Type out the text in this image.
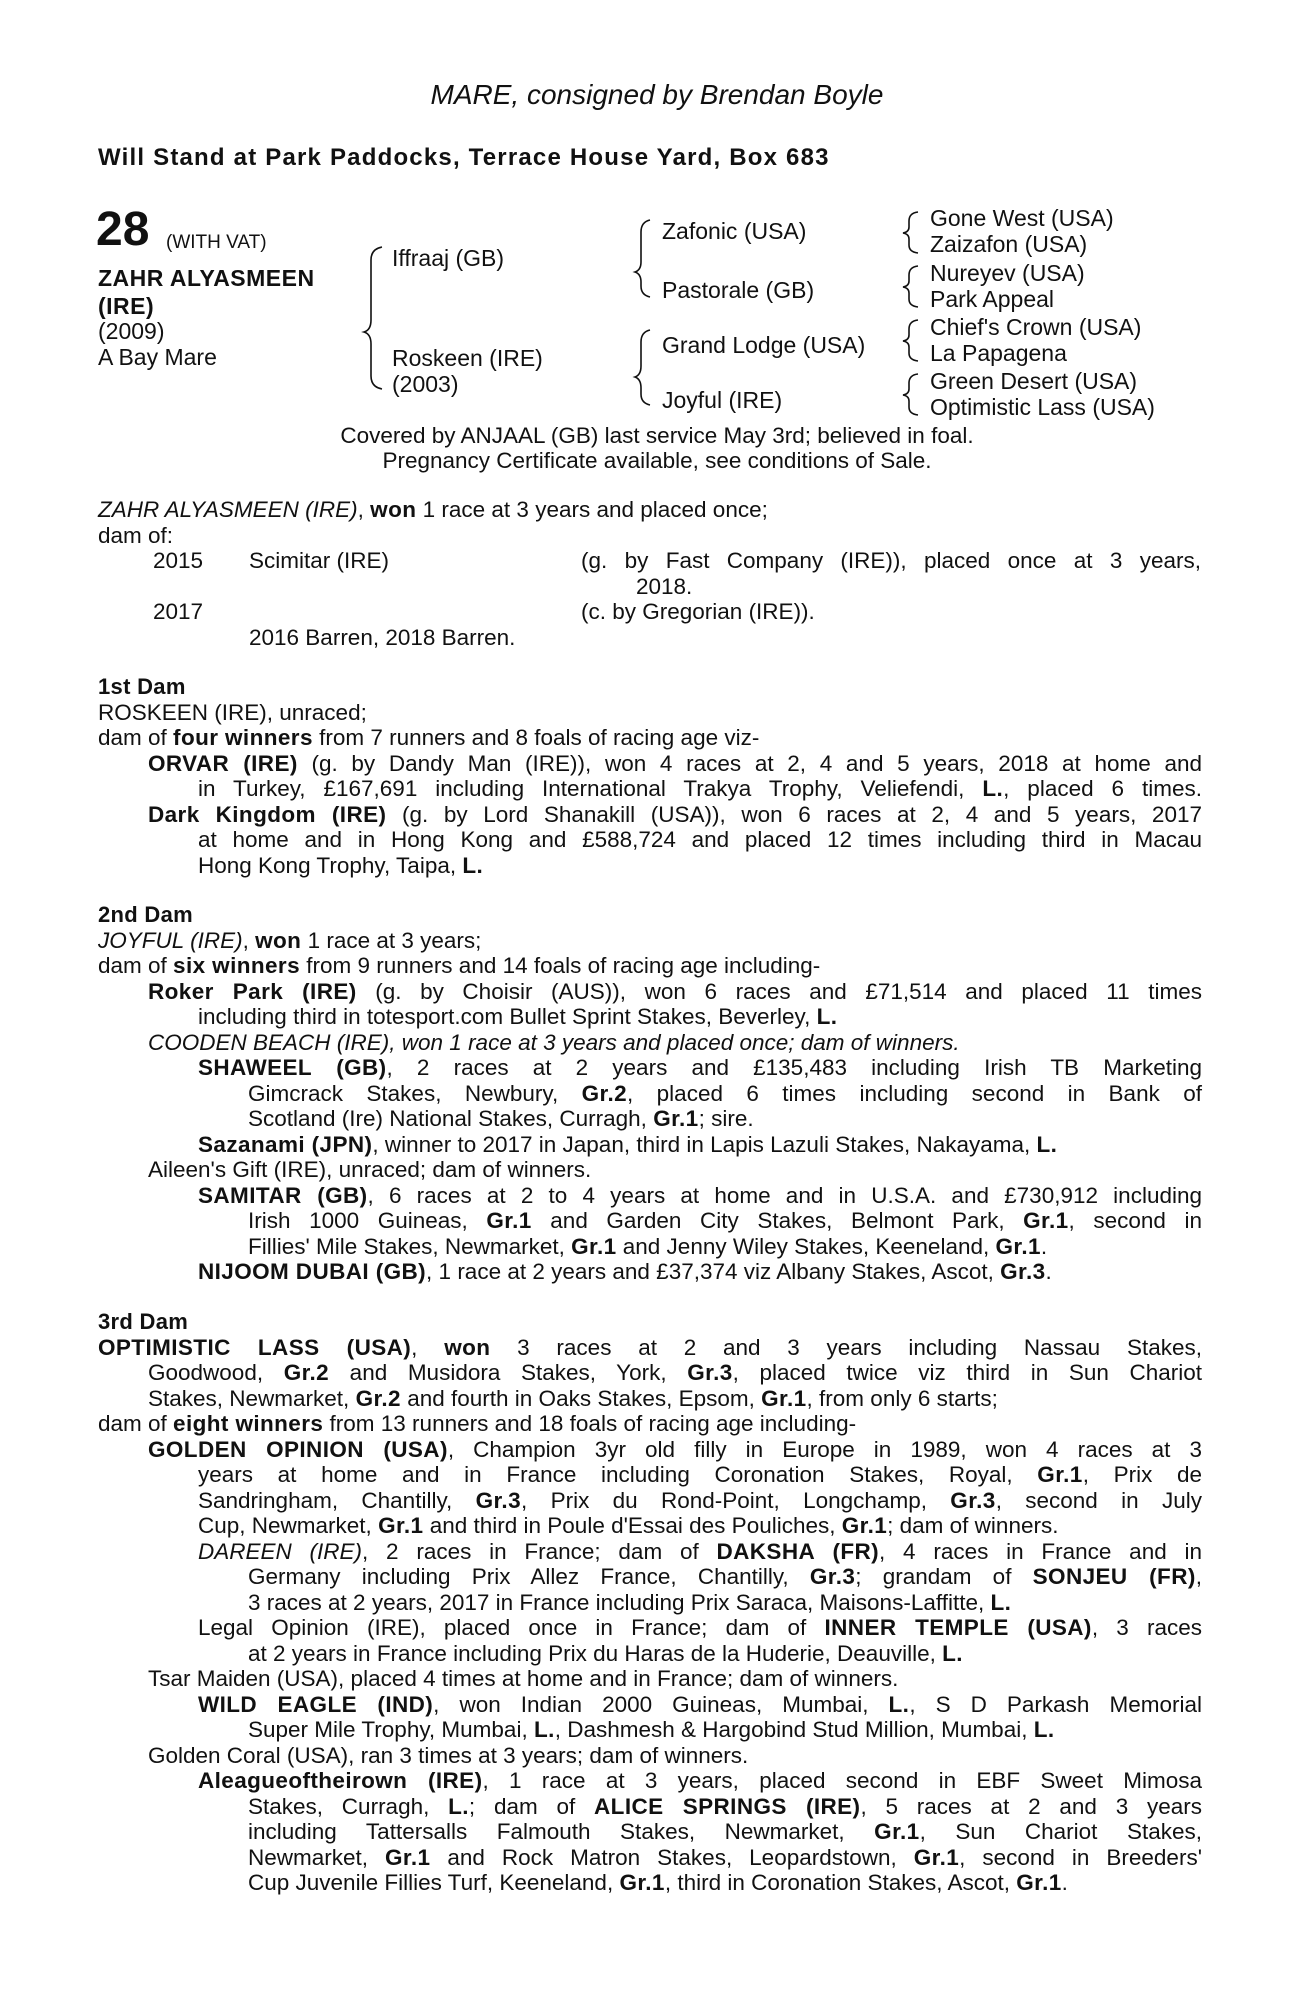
MARE, consigned by Brendan Boyle
Will Stand at Park Paddocks, Terrace House Yard, Box 683
28 (WITH VAT)
ZAHR ALYASMEEN
(IRE)
(2009)
A Bay Mare
Iffraaj (GB)
Roskeen (IRE)
(2003)
Zafonic (USA)
Pastorale (GB)
Grand Lodge (USA)
Joyful (IRE)
Gone West (USA)
Zaizafon (USA)
Nureyev (USA)
Park Appeal
Chief's Crown (USA)
La Papagena
Green Desert (USA)
Optimistic Lass (USA)
Covered by ANJAAL (GB) last service May 3rd; believed in foal.
Pregnancy Certificate available, see conditions of Sale.
ZAHR ALYASMEEN (IRE), won 1 race at 3 years and placed once;
dam of:
2015 Scimitar (IRE)	(g. by Fast Company (IRE)), placed once at 3 years,
2018.
2017	(c. by Gregorian (IRE)).
2016 Barren, 2018 Barren.
1st Dam
ROSKEEN (IRE), unraced;
dam of four winners from 7 runners and 8 foals of racing age viz-
ORVAR (IRE) (g. by Dandy Man (IRE)), won 4 races at 2, 4 and 5 years, 2018 at home and
in Turkey, £167,691 including International Trakya Trophy, Veliefendi, L., placed 6 times.
Dark Kingdom (IRE) (g. by Lord Shanakill (USA)), won 6 races at 2, 4 and 5 years, 2017
at home and in Hong Kong and £588,724 and placed 12 times including third in Macau
Hong Kong Trophy, Taipa, L.
2nd Dam
JOYFUL (IRE), won 1 race at 3 years;
dam of six winners from 9 runners and 14 foals of racing age including-
Roker Park (IRE) (g. by Choisir (AUS)), won 6 races and £71,514 and placed 11 times
including third in totesport.com Bullet Sprint Stakes, Beverley, L.
COODEN BEACH (IRE), won 1 race at 3 years and placed once; dam of winners.
SHAWEEL (GB), 2 races at 2 years and £135,483 including Irish TB Marketing
Gimcrack Stakes, Newbury, Gr.2, placed 6 times including second in Bank of
Scotland (Ire) National Stakes, Curragh, Gr.1; sire.
Sazanami (JPN), winner to 2017 in Japan, third in Lapis Lazuli Stakes, Nakayama, L.
Aileen's Gift (IRE), unraced; dam of winners.
SAMITAR (GB), 6 races at 2 to 4 years at home and in U.S.A. and £730,912 including
Irish 1000 Guineas, Gr.1 and Garden City Stakes, Belmont Park, Gr.1, second in
Fillies' Mile Stakes, Newmarket, Gr.1 and Jenny Wiley Stakes, Keeneland, Gr.1.
NIJOOM DUBAI (GB), 1 race at 2 years and £37,374 viz Albany Stakes, Ascot, Gr.3.
3rd Dam
OPTIMISTIC LASS (USA), won 3 races at 2 and 3 years including Nassau Stakes,
Goodwood, Gr.2 and Musidora Stakes, York, Gr.3, placed twice viz third in Sun Chariot
Stakes, Newmarket, Gr.2 and fourth in Oaks Stakes, Epsom, Gr.1, from only 6 starts;
dam of eight winners from 13 runners and 18 foals of racing age including-
GOLDEN OPINION (USA), Champion 3yr old filly in Europe in 1989, won 4 races at 3
years at home and in France including Coronation Stakes, Royal, Gr.1, Prix de
Sandringham, Chantilly, Gr.3, Prix du Rond-Point, Longchamp, Gr.3, second in July
Cup, Newmarket, Gr.1 and third in Poule d'Essai des Pouliches, Gr.1; dam of winners.
DAREEN (IRE), 2 races in France; dam of DAKSHA (FR), 4 races in France and in
Germany including Prix Allez France, Chantilly, Gr.3; grandam of SONJEU (FR),
3 races at 2 years, 2017 in France including Prix Saraca, Maisons-Laffitte, L.
Legal Opinion (IRE), placed once in France; dam of INNER TEMPLE (USA), 3 races
at 2 years in France including Prix du Haras de la Huderie, Deauville, L.
Tsar Maiden (USA), placed 4 times at home and in France; dam of winners.
WILD EAGLE (IND), won Indian 2000 Guineas, Mumbai, L., S D Parkash Memorial
Super Mile Trophy, Mumbai, L., Dashmesh & Hargobind Stud Million, Mumbai, L.
Golden Coral (USA), ran 3 times at 3 years; dam of winners.
Aleagueoftheirown (IRE), 1 race at 3 years, placed second in EBF Sweet Mimosa
Stakes, Curragh, L.; dam of ALICE SPRINGS (IRE), 5 races at 2 and 3 years
including Tattersalls Falmouth Stakes, Newmarket, Gr.1, Sun Chariot Stakes,
Newmarket, Gr.1 and Rock Matron Stakes, Leopardstown, Gr.1, second in Breeders'
Cup Juvenile Fillies Turf, Keeneland, Gr.1, third in Coronation Stakes, Ascot, Gr.1.
